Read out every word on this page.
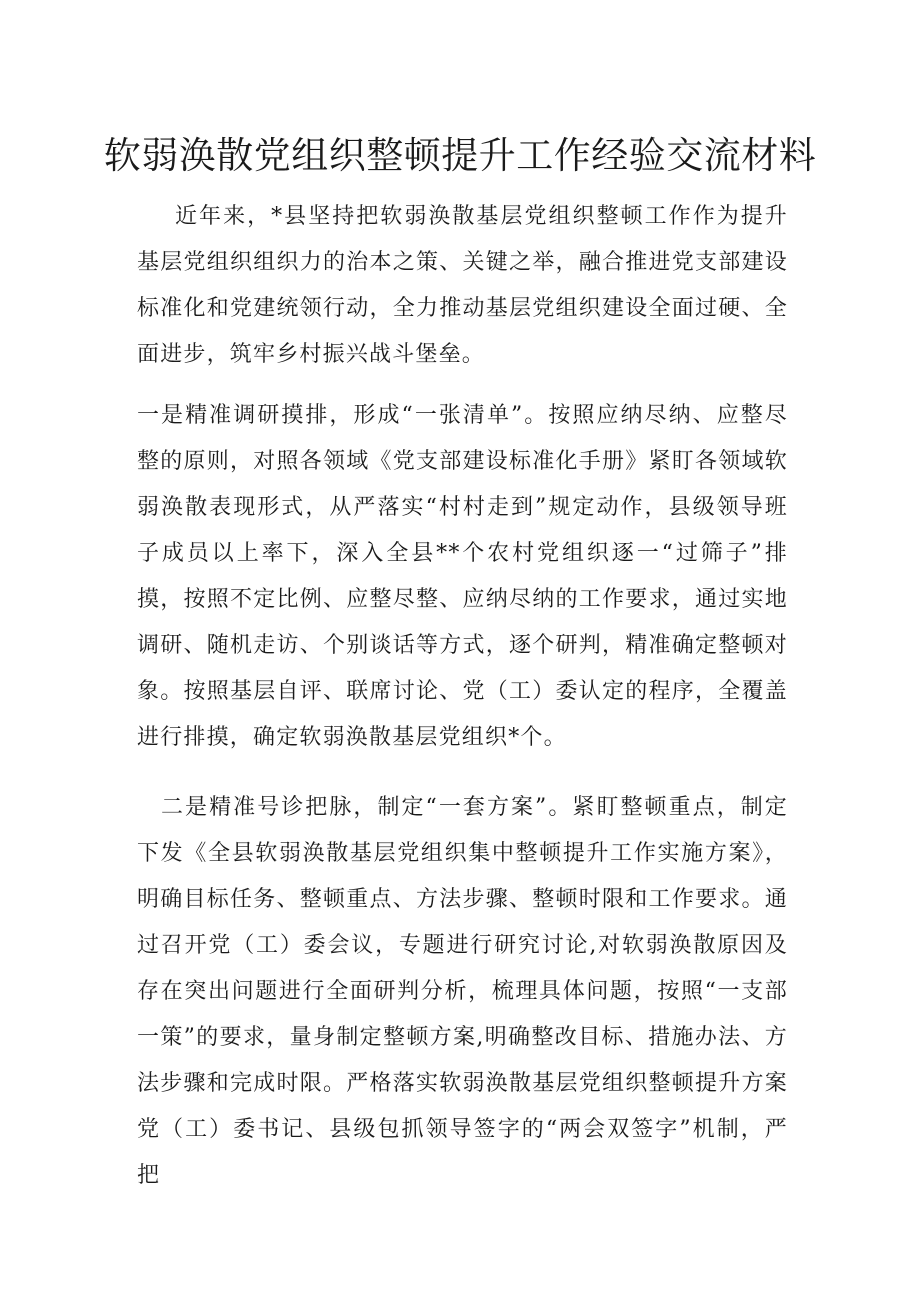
软弱涣散党组织整顿提升工作经验交流材料

近年来，*县坚持把软弱涣散基层党组织整顿工作作为提升基层党组织组织力的治本之策、关键之举，融合推进党支部建设标准化和党建统领行动，全力推动基层党组织建设全面过硬、全面进步，筑牢乡村振兴战斗堡垒。

一是精准调研摸排，形成“一张清单”。按照应纳尽纳、应整尽整的原则，对照各领域《党支部建设标准化手册》紧盯各领域软弱涣散表现形式，从严落实“村村走到”规定动作，县级领导班子成员以上率下，深入全县**个农村党组织逐一“过筛子”排摸，按照不定比例、应整尽整、应纳尽纳的工作要求，通过实地调研、随机走访、个别谈话等方式，逐个研判，精准确定整顿对象。按照基层自评、联席讨论、党（工）委认定的程序，全覆盖进行排摸，确定软弱涣散基层党组织*个。

二是精准号诊把脉，制定“一套方案”。紧盯整顿重点，制定下发《全县软弱涣散基层党组织集中整顿提升工作实施方案》，明确目标任务、整顿重点、方法步骤、整顿时限和工作要求。通过召开党（工）委会议，专题进行研究讨论,对软弱涣散原因及存在突出问题进行全面研判分析，梳理具体问题，按照“一支部一策”的要求，量身制定整顿方案,明确整改目标、措施办法、方法步骤和完成时限。严格落实软弱涣散基层党组织整顿提升方案党（工）委书记、县级包抓领导签字的“两会双签字”机制，严把
